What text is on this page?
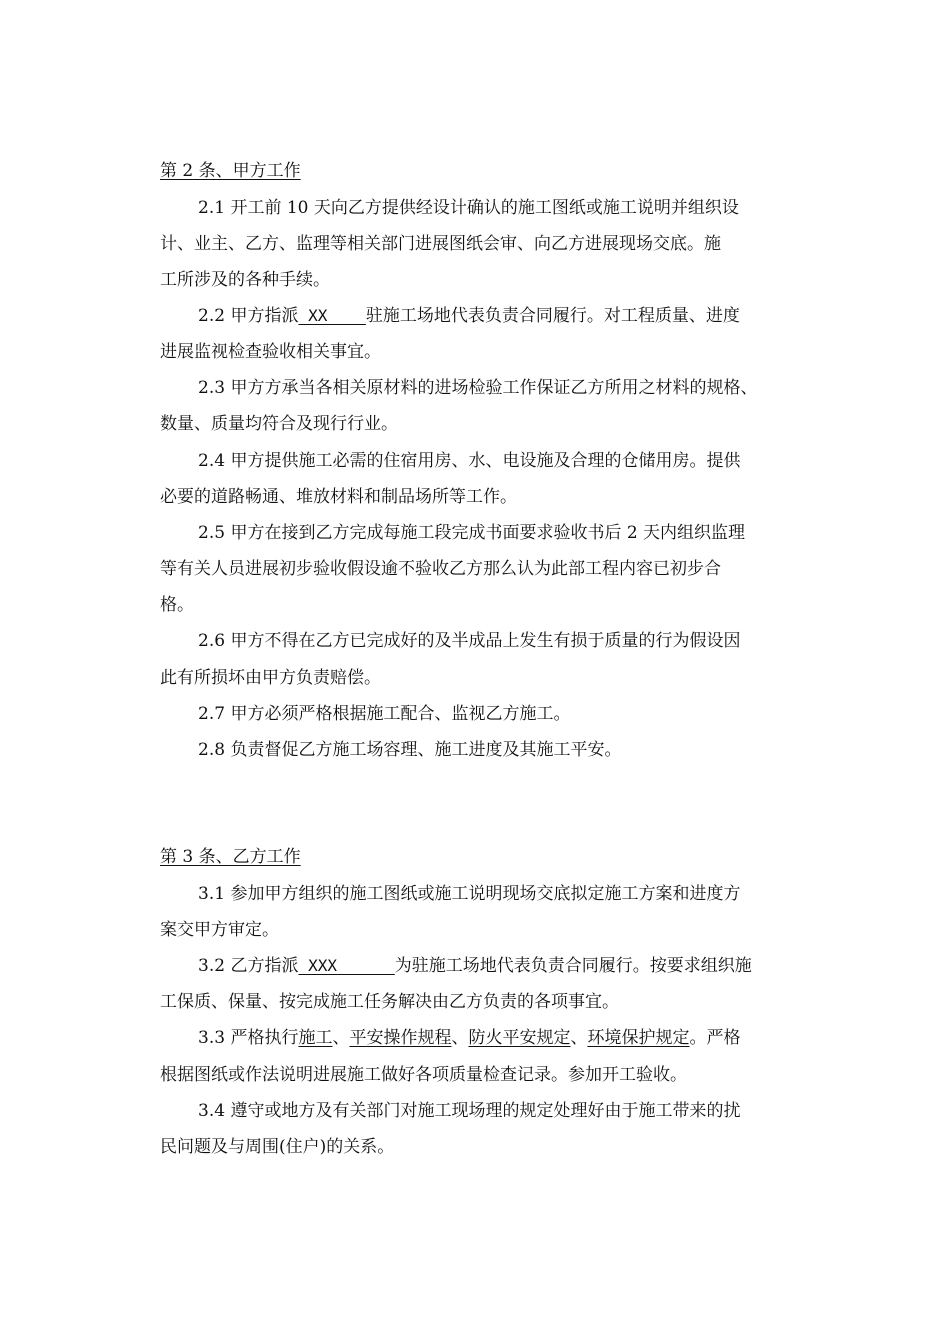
第 2 条、甲方工作
2.1 开工前 10 天向乙方提供经设计确认的施工图纸或施工说明并组织设
计、业主、乙方、监理等相关部门进展图纸会审、向乙方进展现场交底。施
工所涉及的各种手续。
2.2 甲方指派 XX    驻施工场地代表负责合同履行。对工程质量、进度
进展监视检查验收相关事宜。
2.3 甲方方承当各相关原材料的进场检验工作保证乙方所用之材料的规格、
数量、质量均符合及现行行业。
2.4 甲方提供施工必需的住宿用房、水、电设施及合理的仓储用房。提供
必要的道路畅通、堆放材料和制品场所等工作。
2.5 甲方在接到乙方完成每施工段完成书面要求验收书后 2 天内组织监理
等有关人员进展初步验收假设逾不验收乙方那么认为此部工程内容已初步合
格。
2.6 甲方不得在乙方已完成好的及半成品上发生有损于质量的行为假设因
此有所损坏由甲方负责赔偿。
2.7 甲方必须严格根据施工配合、监视乙方施工。
2.8 负责督促乙方施工场容理、施工进度及其施工平安。
第 3 条、乙方工作
3.1 参加甲方组织的施工图纸或施工说明现场交底拟定施工方案和进度方
案交甲方审定。
3.2 乙方指派 XXX      为驻施工场地代表负责合同履行。按要求组织施
工保质、保量、按完成施工任务解决由乙方负责的各项事宜。
3.3 严格执行施工、平安操作规程、防火平安规定、环境保护规定。严格
根据图纸或作法说明进展施工做好各项质量检查记录。参加开工验收。
3.4 遵守或地方及有关部门对施工现场理的规定处理好由于施工带来的扰
民问题及与周围(住户)的关系。
